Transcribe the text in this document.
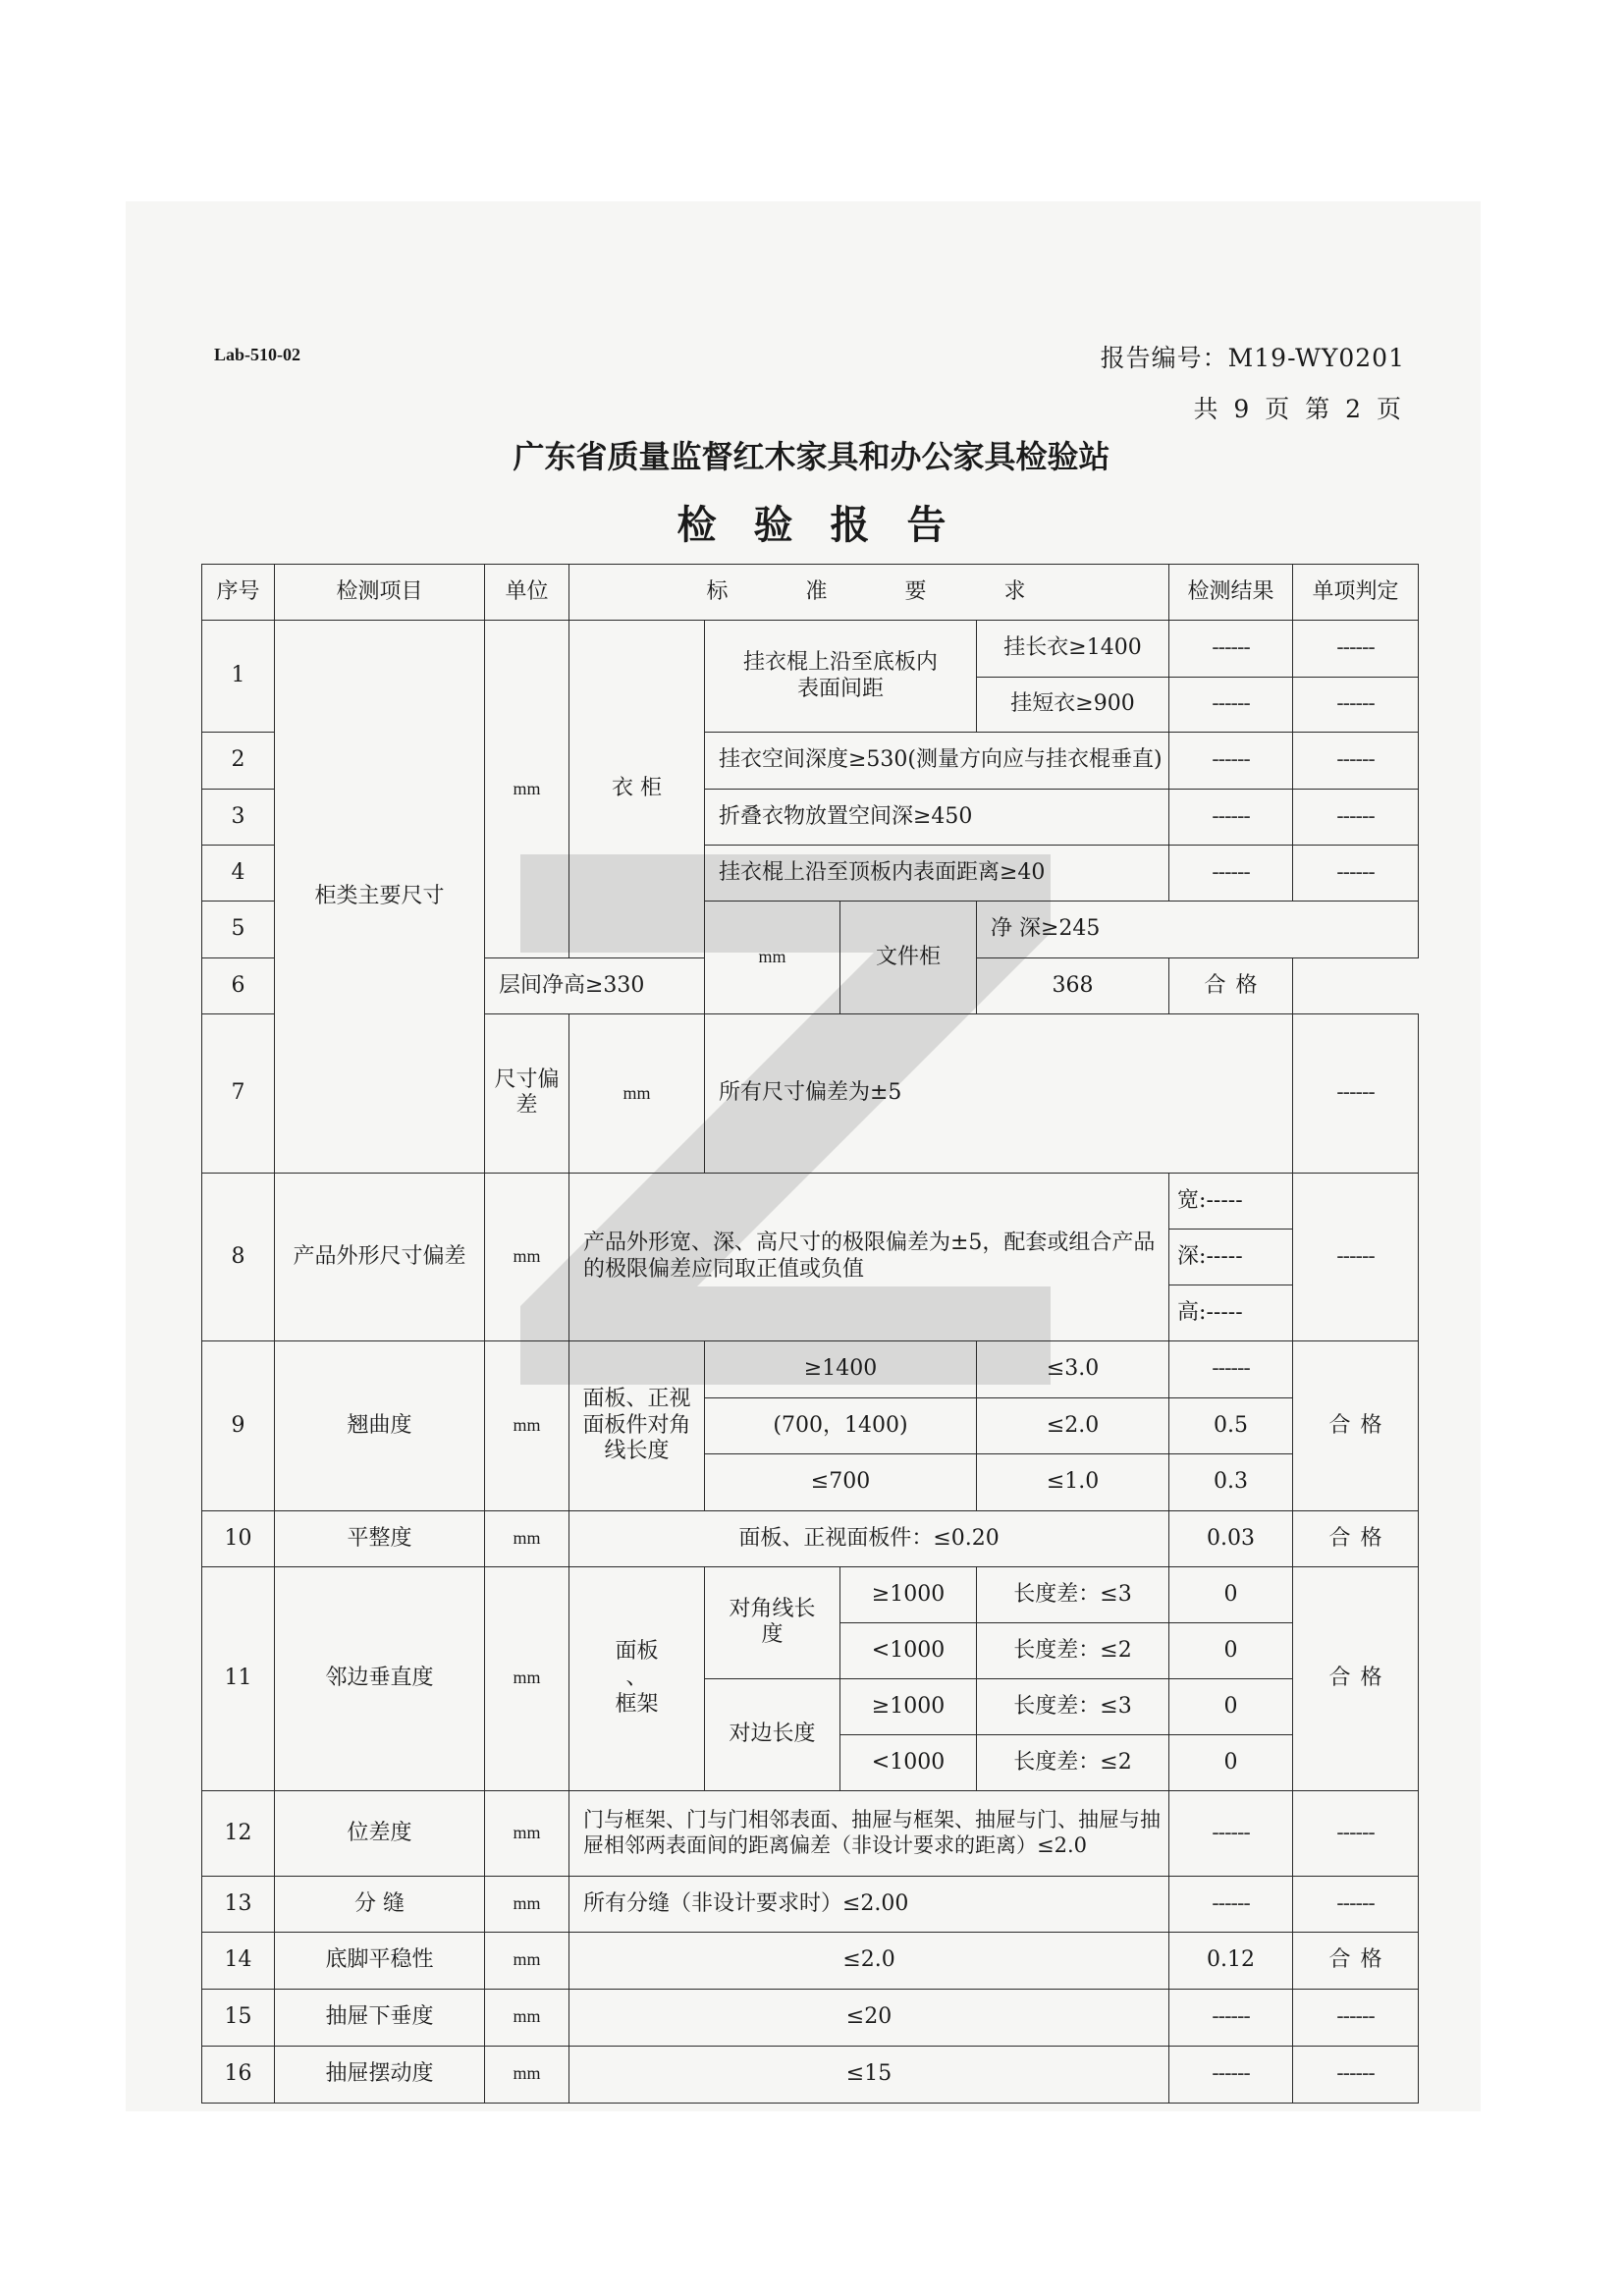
Lab-510-02	报告编号：M19-WY0201
共 9 页 第 2 页
广东省质量监督红木家具和办公家具检验站
检验报告
序号	检测项目	单位	标 准 要 求				检测结果	单项判定	
1	柜类主要尺寸	mm	衣 柜	挂衣棍上沿至底板内表面间距		挂长衣≥1400	------	------	
						挂短衣≥900	------	------	
2				挂衣空间深度≥530(测量方向应与挂衣棍垂直)			------	------	
3				折叠衣物放置空间深≥450			------	------	
4				挂衣棍上沿至顶板内表面距离≥40			------	------	
5				mm	文件柜	净 深≥245		
6		层间净高≥330				368	合格		
7		尺寸偏差	mm	所有尺寸偏差为±5				------	
8	产品外形尺寸偏差	mm	产品外形宽、深、高尺寸的极限偏差为±5，配套或组合产品的极限偏差应同取正值或负值				宽:-----	------	
							深:-----		
							高:-----		
9	翘曲度	mm	面板、正视面板件对角线长度	≥1400		≤3.0	------	合格	
				(700，1400)		≤2.0	0.5		
				≤700		≤1.0	0.3		
10	平整度	mm	面板、正视面板件：≤0.20				0.03	合格	
11	邻边垂直度	mm	面板
、
框架	对角线长度	≥1000	长度差：≤3	0	合格	
					<1000	长度差：≤2	0		
				对边长度	≥1000	长度差：≤3	0		
					<1000	长度差：≤2	0		
12	位差度	mm	门与框架、门与门相邻表面、抽屉与框架、抽屉与门、抽屉与抽屉相邻两表面间的距离偏差（非设计要求的距离）≤2.0				------	------	
13	分 缝	mm	所有分缝（非设计要求时）≤2.00				------	------	
14	底脚平稳性	mm	≤2.0				0.12	合格	
15	抽屉下垂度	mm	≤20				------	------	
16	抽屉摆动度	mm	≤15				------	------	
